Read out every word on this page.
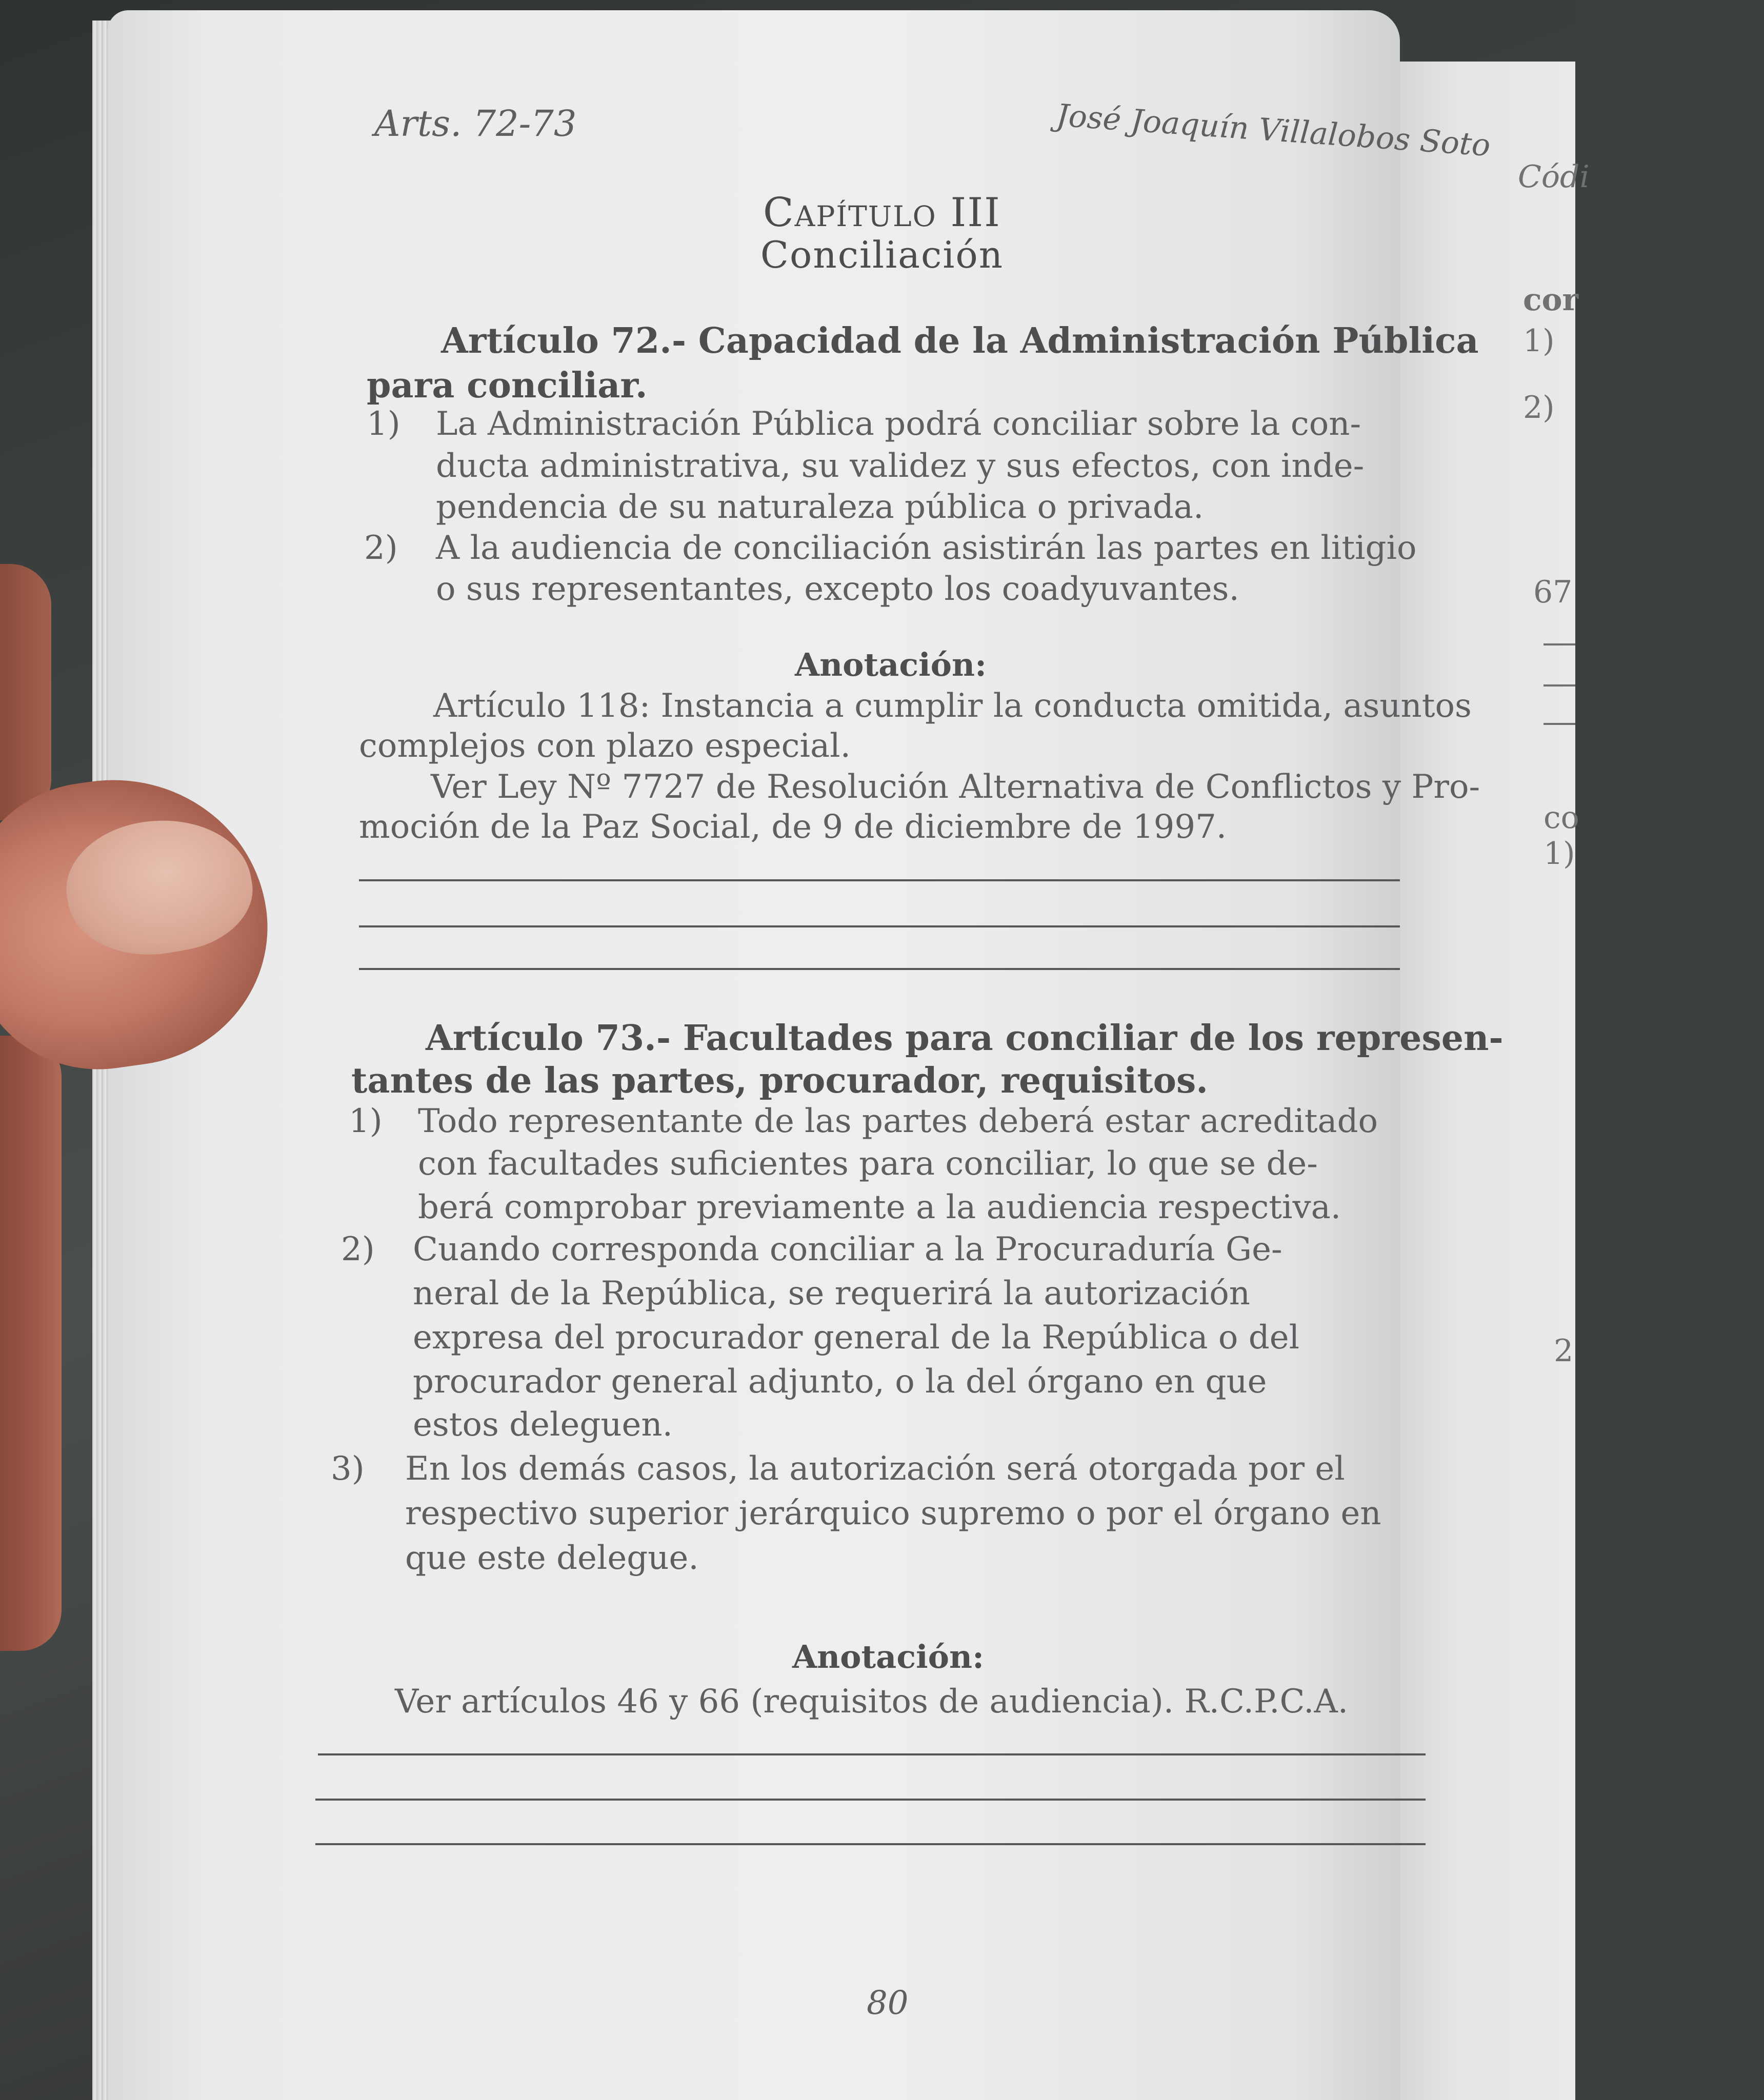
Códi
cor
1)
2)
67
co
1)
2
Arts. 72-73	José Joaquín Villalobos Soto
Capítulo III
Conciliación
Artículo 72.- Capacidad de la Administración Pública
para conciliar.
1) La Administración Pública podrá conciliar sobre la con-
ducta administrativa, su validez y sus efectos, con inde-
pendencia de su naturaleza pública o privada.
2) A la audiencia de conciliación asistirán las partes en litigio
o sus representantes, excepto los coadyuvantes.
Anotación:
Artículo 118: Instancia a cumplir la conducta omitida, asuntos
complejos con plazo especial.
Ver Ley Nº 7727 de Resolución Alternativa de Conflictos y Pro-
moción de la Paz Social, de 9 de diciembre de 1997.
Artículo 73.- Facultades para conciliar de los represen-
tantes de las partes, procurador, requisitos.
1) Todo representante de las partes deberá estar acreditado
con facultades suficientes para conciliar, lo que se de-
berá comprobar previamente a la audiencia respectiva.
2) Cuando corresponda conciliar a la Procuraduría Ge-
neral de la República, se requerirá la autorización
expresa del procurador general de la República o del
procurador general adjunto, o la del órgano en que
estos deleguen.
3) En los demás casos, la autorización será otorgada por el
respectivo superior jerárquico supremo o por el órgano en
que este delegue.
Anotación:
Ver artículos 46 y 66 (requisitos de audiencia). R.C.P.C.A.
80
